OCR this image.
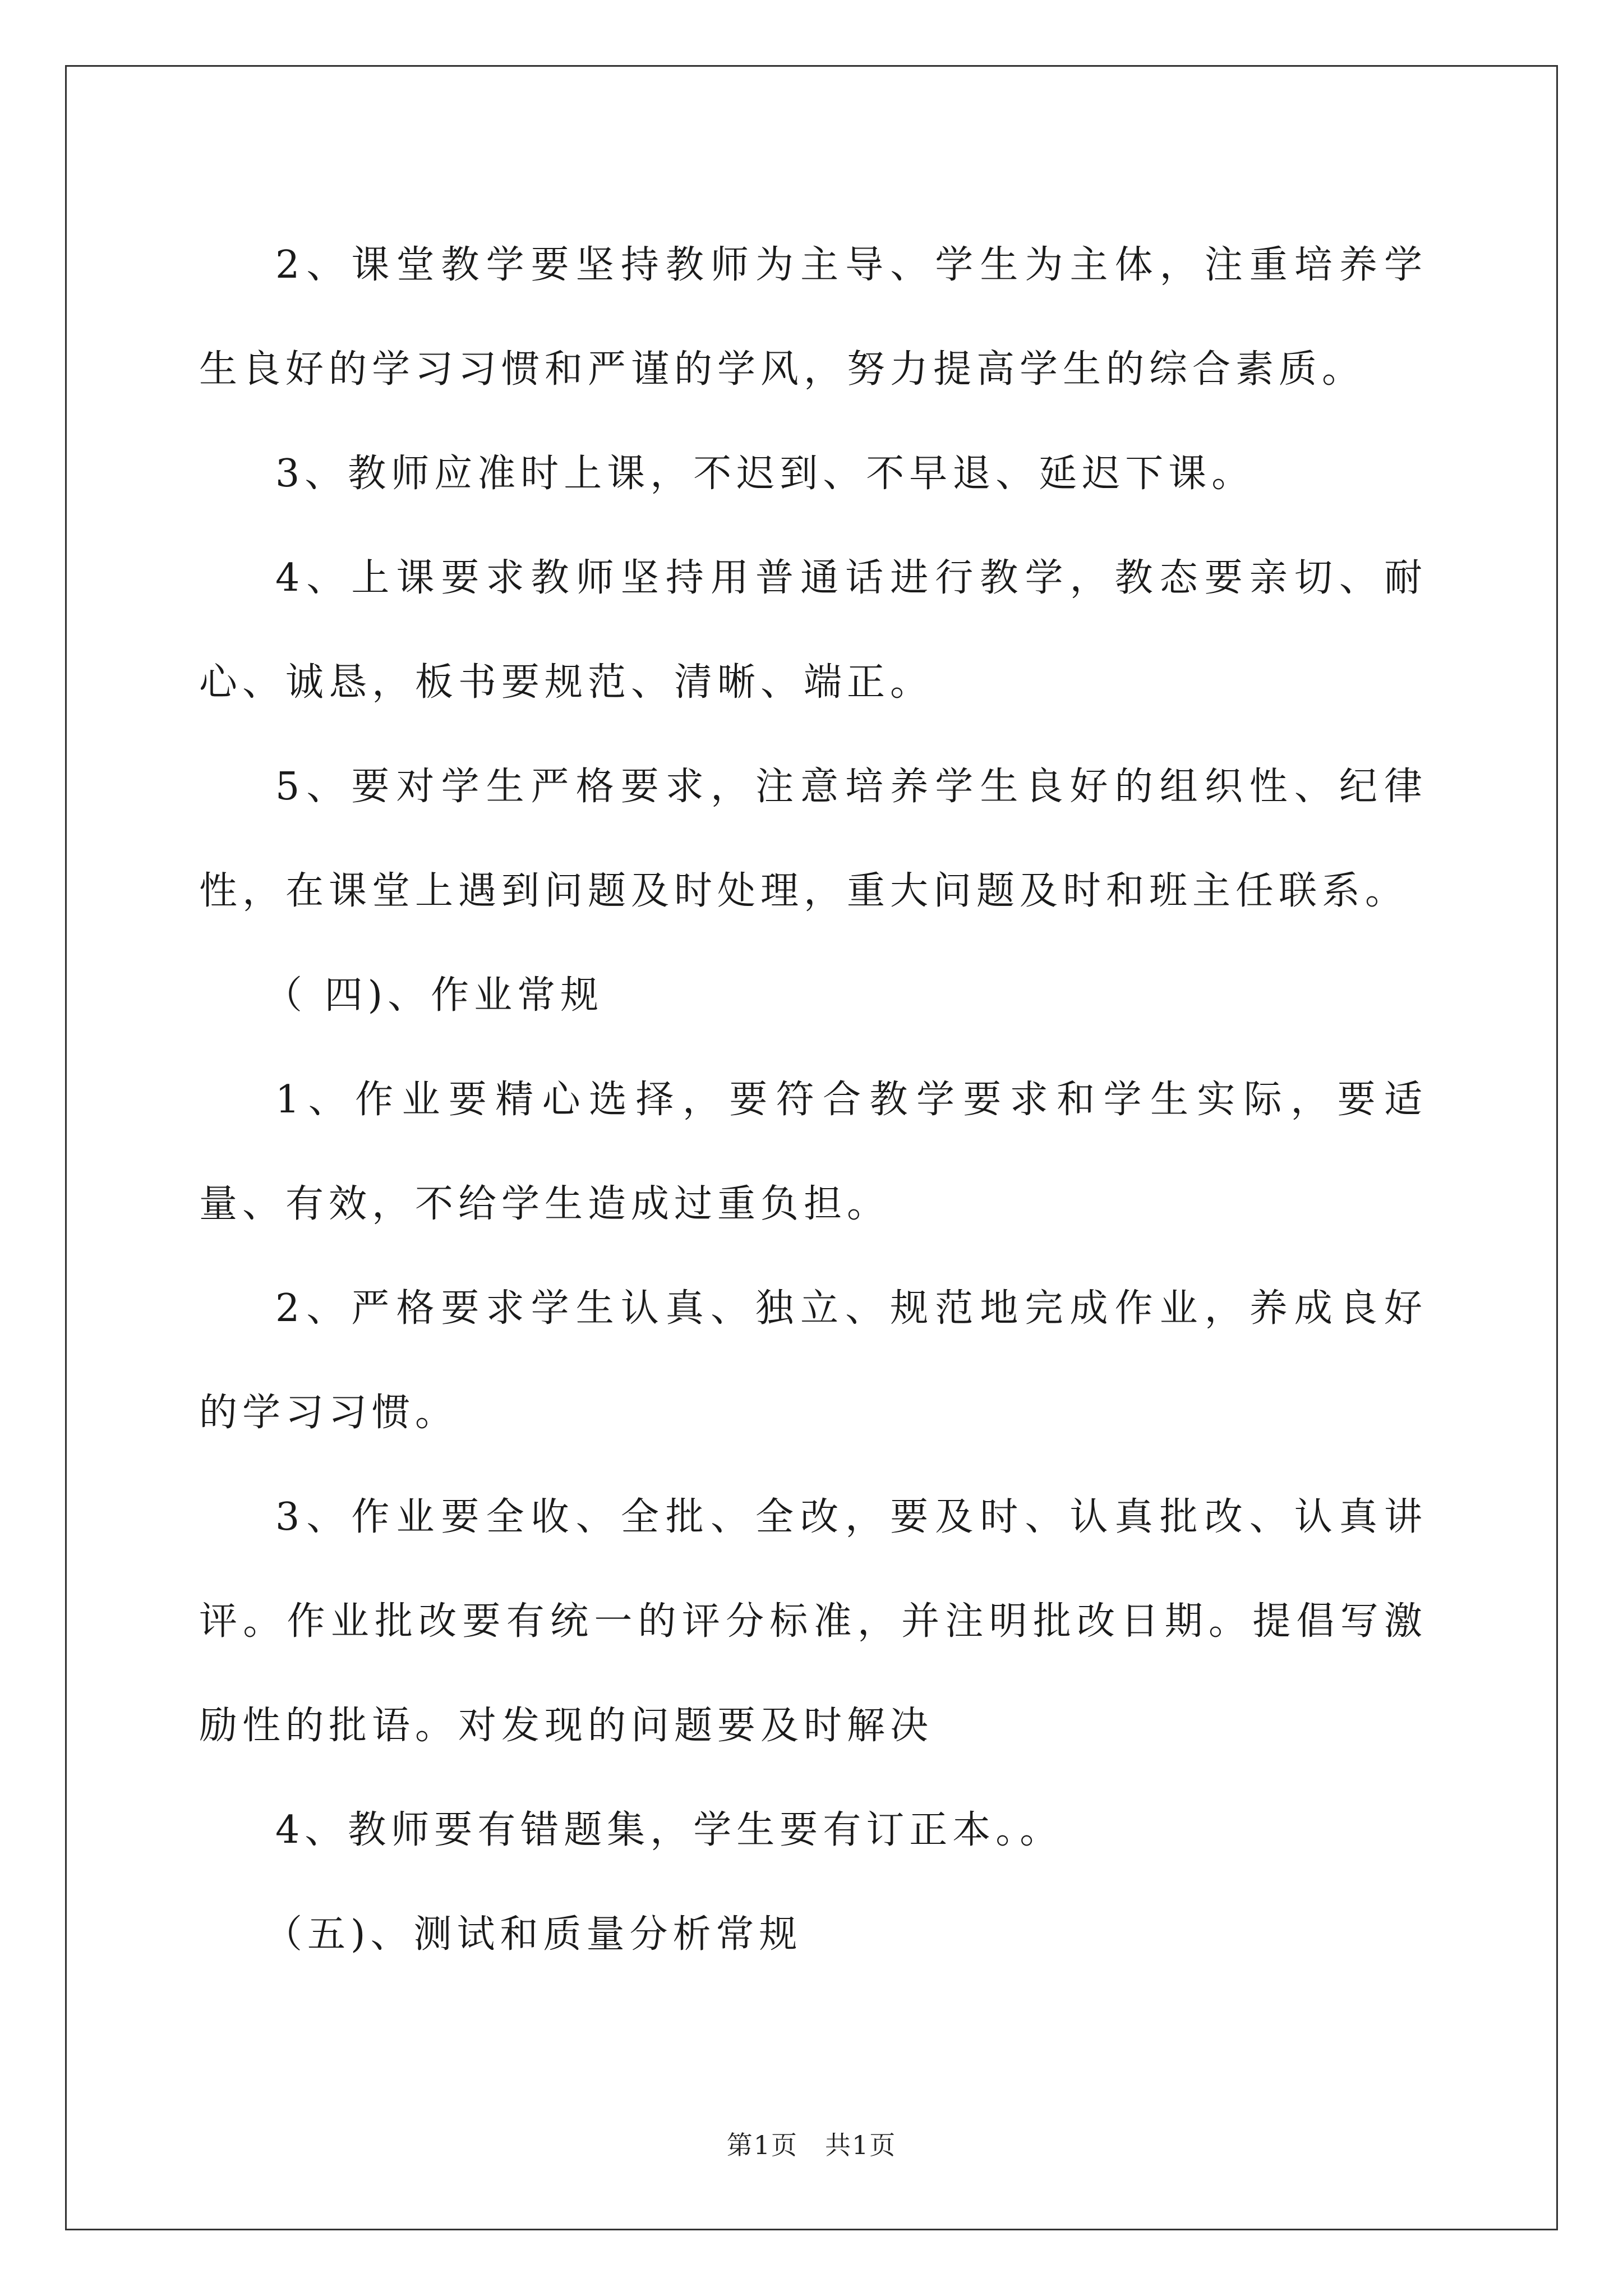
2、课堂教学要坚持教师为主导、学生为主体，注重培养学生良好的学习习惯和严谨的学风，努力提高学生的综合素质。

3、教师应准时上课，不迟到、不早退、延迟下课。

4、上课要求教师坚持用普通话进行教学，教态要亲切、耐心、诚恳，板书要规范、清晰、端正。

5、要对学生严格要求，注意培养学生良好的组织性、纪律性，在课堂上遇到问题及时处理，重大问题及时和班主任联系。

（ 四)、作业常规

1、作业要精心选择，要符合教学要求和学生实际，要适量、有效，不给学生造成过重负担。

2、严格要求学生认真、独立、规范地完成作业，养成良好的学习习惯。

3、作业要全收、全批、全改，要及时、认真批改、认真讲评。作业批改要有统一的评分标准，并注明批改日期。提倡写激励性的批语。对发现的问题要及时解决

4、教师要有错题集，学生要有订正本。。

（五)、测试和质量分析常规

第1页　共1页
